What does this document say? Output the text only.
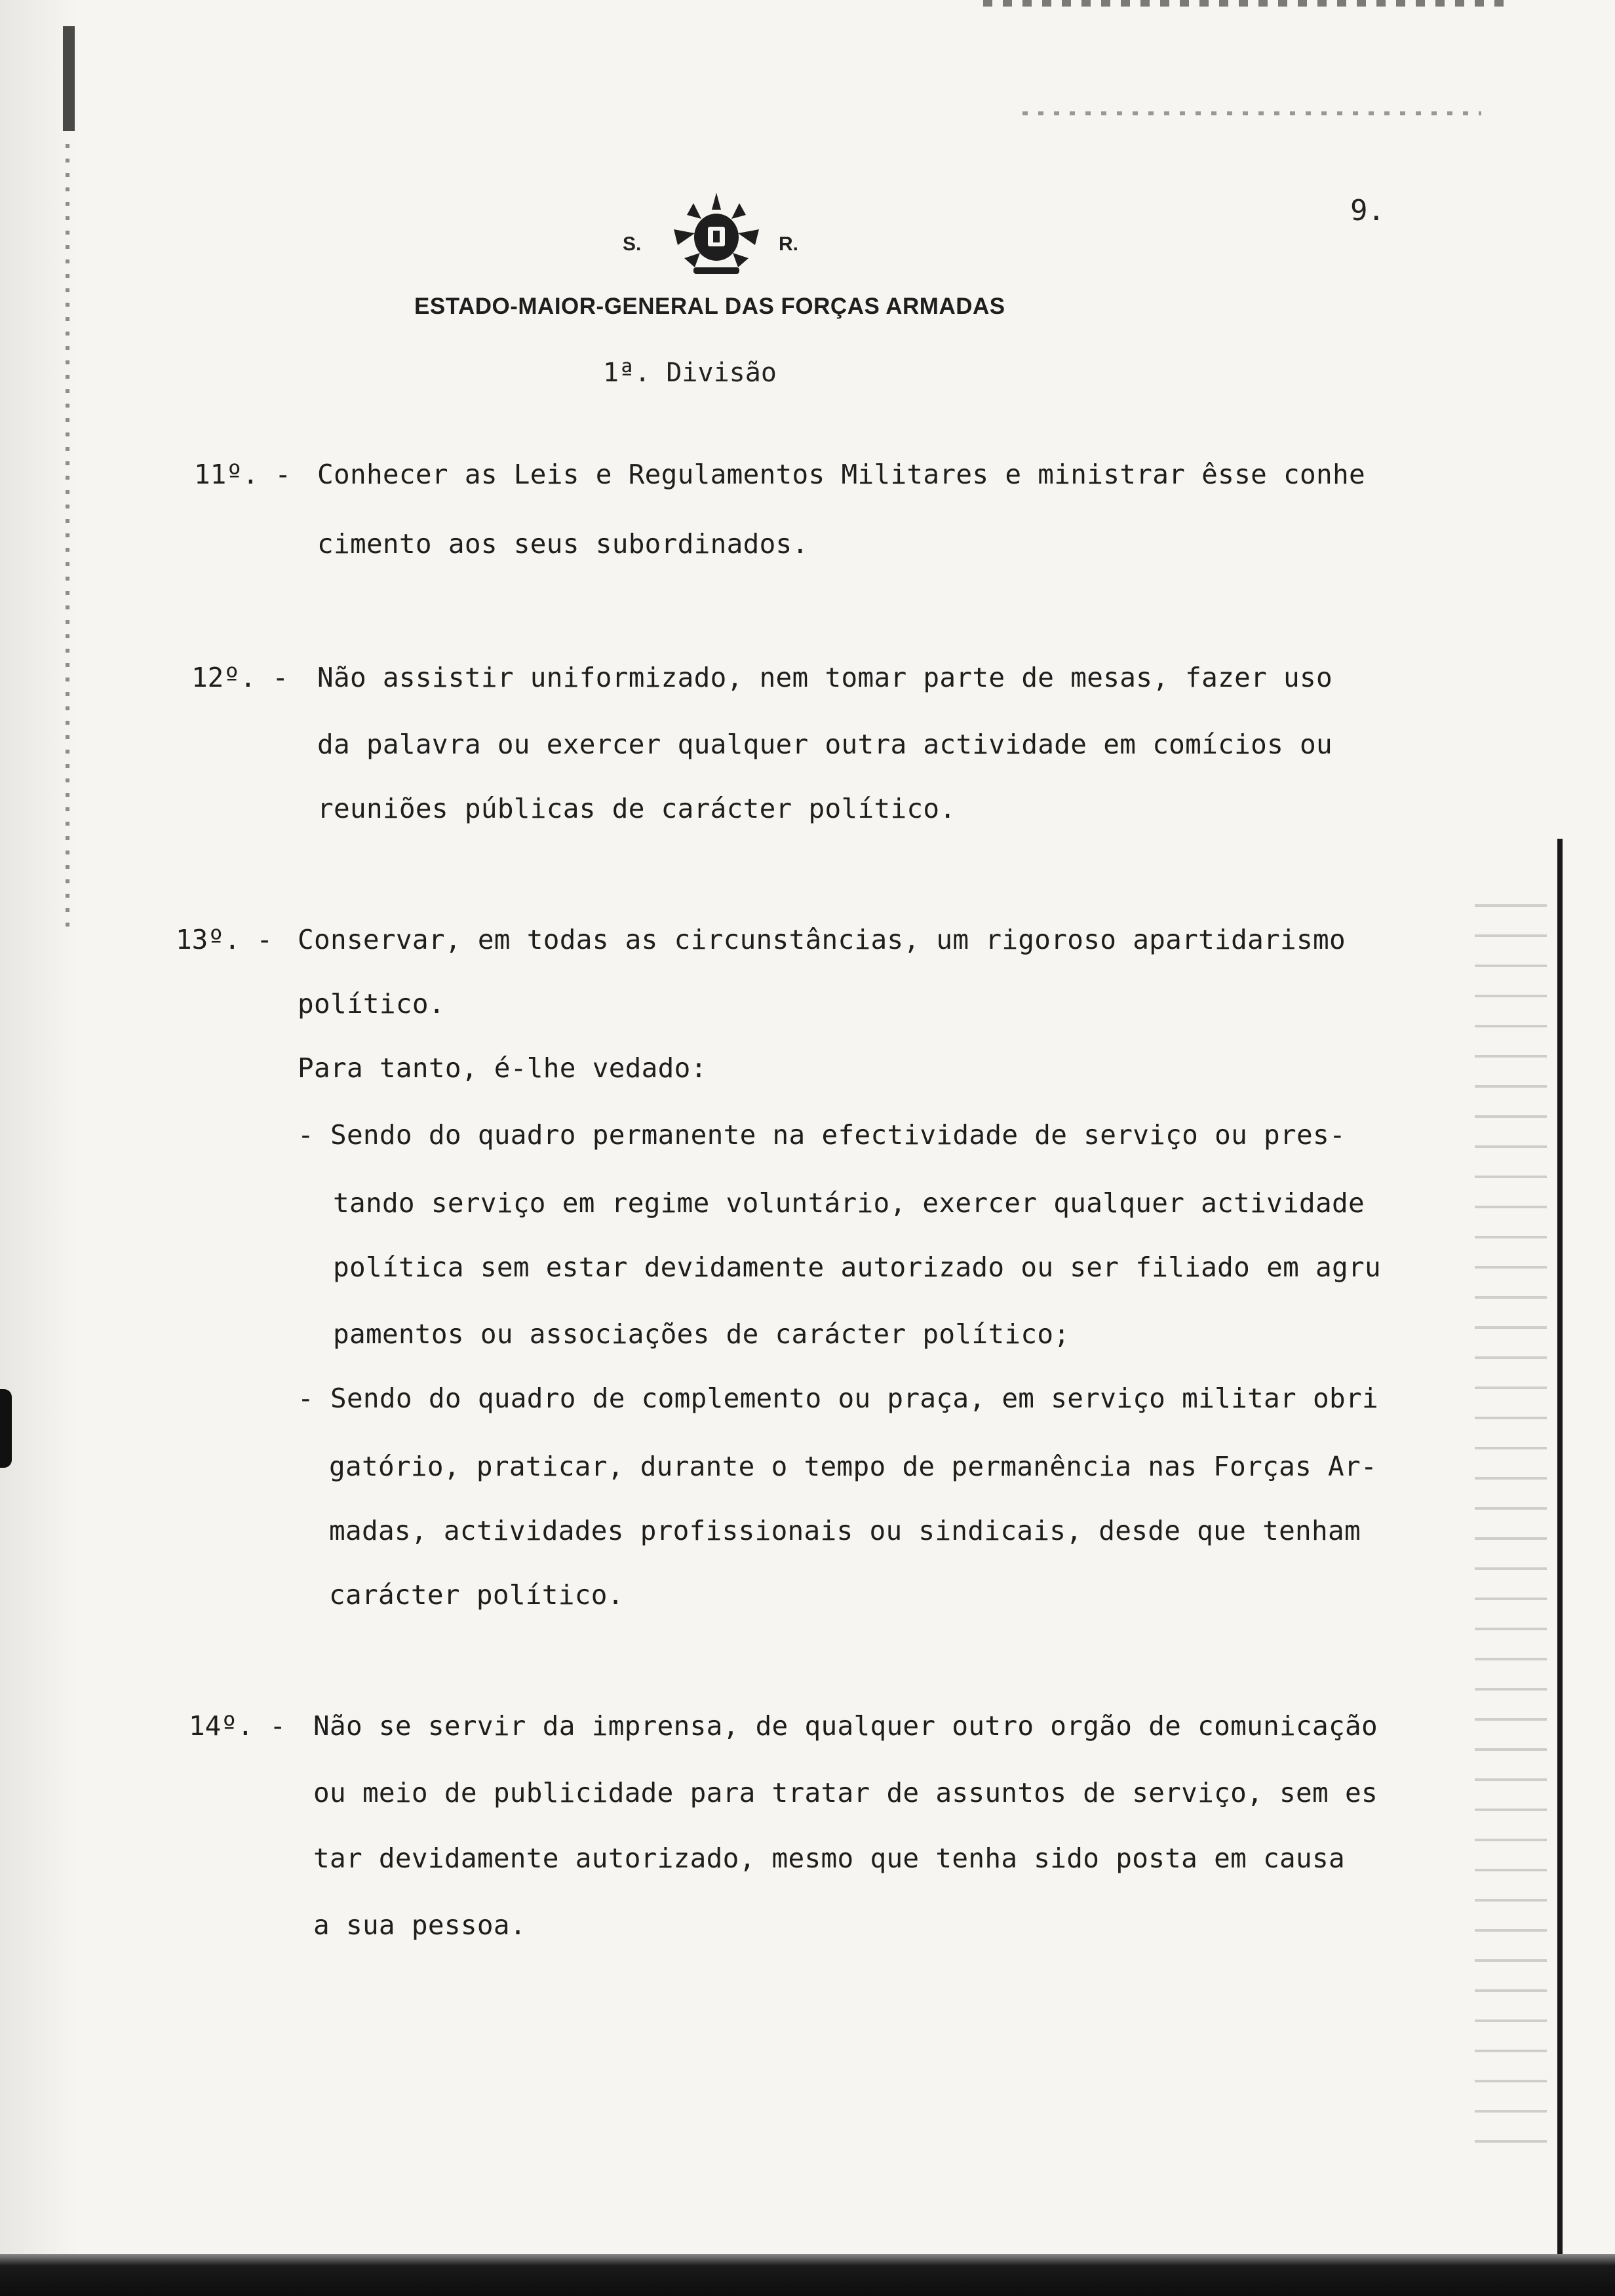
S.	R.
9.
ESTADO-MAIOR-GENERAL DAS FORÇAS ARMADAS
1ª. Divisão
11º. - Conhecer as Leis e Regulamentos Militares e ministrar êsse conhe
cimento aos seus subordinados.
12º. - Não assistir uniformizado, nem tomar parte de mesas, fazer uso
da palavra ou exercer qualquer outra actividade em comícios ou
reuniões públicas de carácter político.
13º. - Conservar, em todas as circunstâncias, um rigoroso apartidarismo
político.
Para tanto, é-lhe vedado:
- Sendo do quadro permanente na efectividade de serviço ou pres-
tando serviço em regime voluntário, exercer qualquer actividade
política sem estar devidamente autorizado ou ser filiado em agru
pamentos ou associações de carácter político;
- Sendo do quadro de complemento ou praça, em serviço militar obri
gatório, praticar, durante o tempo de permanência nas Forças Ar-
madas, actividades profissionais ou sindicais, desde que tenham
carácter político.
14º. - Não se servir da imprensa, de qualquer outro orgão de comunicação
ou meio de publicidade para tratar de assuntos de serviço, sem es
tar devidamente autorizado, mesmo que tenha sido posta em causa
a sua pessoa.
